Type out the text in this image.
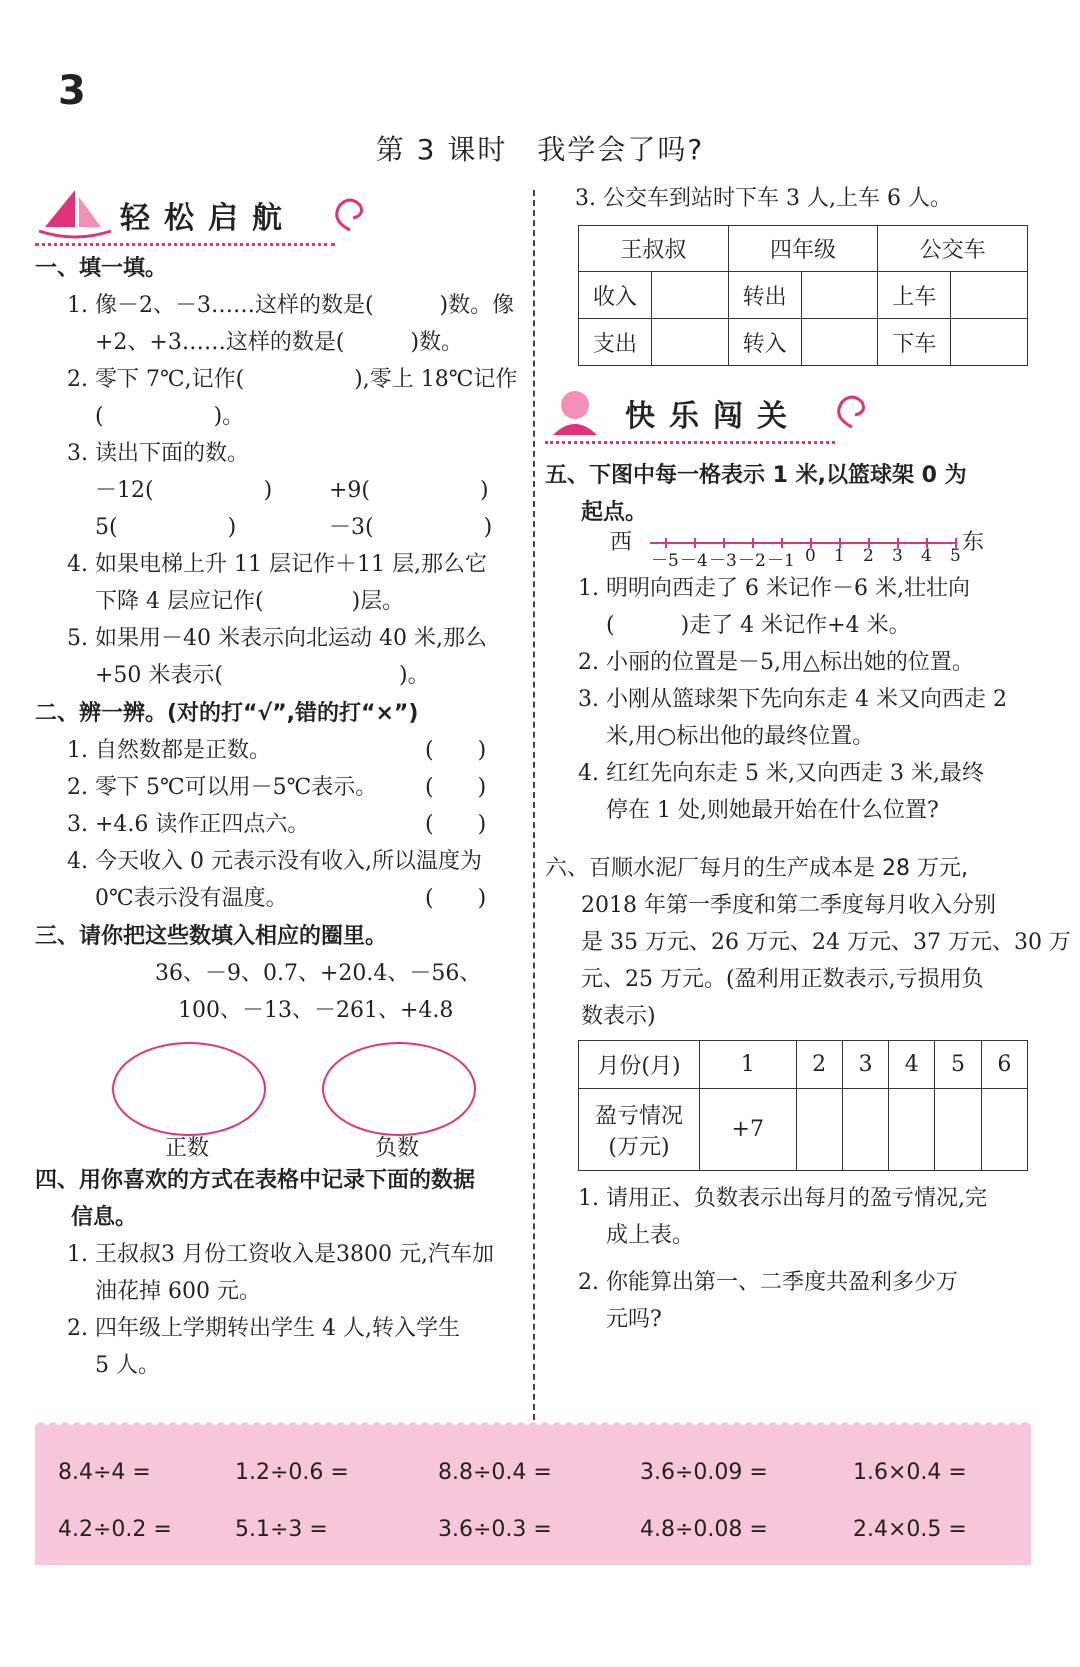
3
第 3 课时　我学会了吗?
轻松启航
一、填一填。
1. 像－2、－3……这样的数是(　　　)数。像
+2、+3……这样的数是(　　　)数。
2. 零下 7℃,记作(　　　　　),零上 18℃记作
(　　　　　)。
3. 读出下面的数。
－12(　　　　　)	+9(　　　　　)
5(　　　　　)	－3(　　　　　)
4. 如果电梯上升 11 层记作＋11 层,那么它
下降 4 层应记作(　　　　)层。
5. 如果用－40 米表示向北运动 40 米,那么
+50 米表示(　　　　　　　　)。
二、辨一辨。(对的打“√”,错的打“×”)
1. 自然数都是正数。
2. 零下 5℃可以用－5℃表示。
3. +4.6 读作正四点六。
4. 今天收入 0 元表示没有收入,所以温度为
0℃表示没有温度。
(　　)
(　　)
(　　)
(　　)
三、请你把这些数填入相应的圈里。
36、－9、0.7、+20.4、－56、
100、－13、－261、+4.8
正数	负数
四、用你喜欢的方式在表格中记录下面的数据
信息。
1. 王叔叔3 月份工资收入是3800 元,汽车加
油花掉 600 元。
2. 四年级上学期转出学生 4 人,转入学生
5 人。
3. 公交车到站时下车 3 人,上车 6 人。
王叔叔		四年级		公交车	
收入		转出		上车	
支出		转入		下车	
快乐闯关
五、下图中每一格表示 1 米,以篮球架 0 为
起点。
西	东
－5 －4 －3 －2 －1 0 1 2 3 4 5
1. 明明向西走了 6 米记作－6 米,壮壮向
(　　　)走了 4 米记作+4 米。
2. 小丽的位置是－5,用△标出她的位置。
3. 小刚从篮球架下先向东走 4 米又向西走 2
米,用○标出他的最终位置。
4. 红红先向东走 5 米,又向西走 3 米,最终
停在 1 处,则她最开始在什么位置?
六、百顺水泥厂每月的生产成本是 28 万元,
2018 年第一季度和第二季度每月收入分别
是 35 万元、26 万元、24 万元、37 万元、30 万
元、25 万元。(盈利用正数表示,亏损用负
数表示)
月份(月)	1	2	3	4	5	6

盈亏情况
(万元)	+7					
1. 请用正、负数表示出每月的盈亏情况,完
成上表。
2. 你能算出第一、二季度共盈利多少万
元吗?
8.4÷4 =	1.2÷0.6 =	8.8÷0.4 =	3.6÷0.09 =	1.6×0.4 =
4.2÷0.2 =	5.1÷3 =	3.6÷0.3 =	4.8÷0.08 =	2.4×0.5 =
